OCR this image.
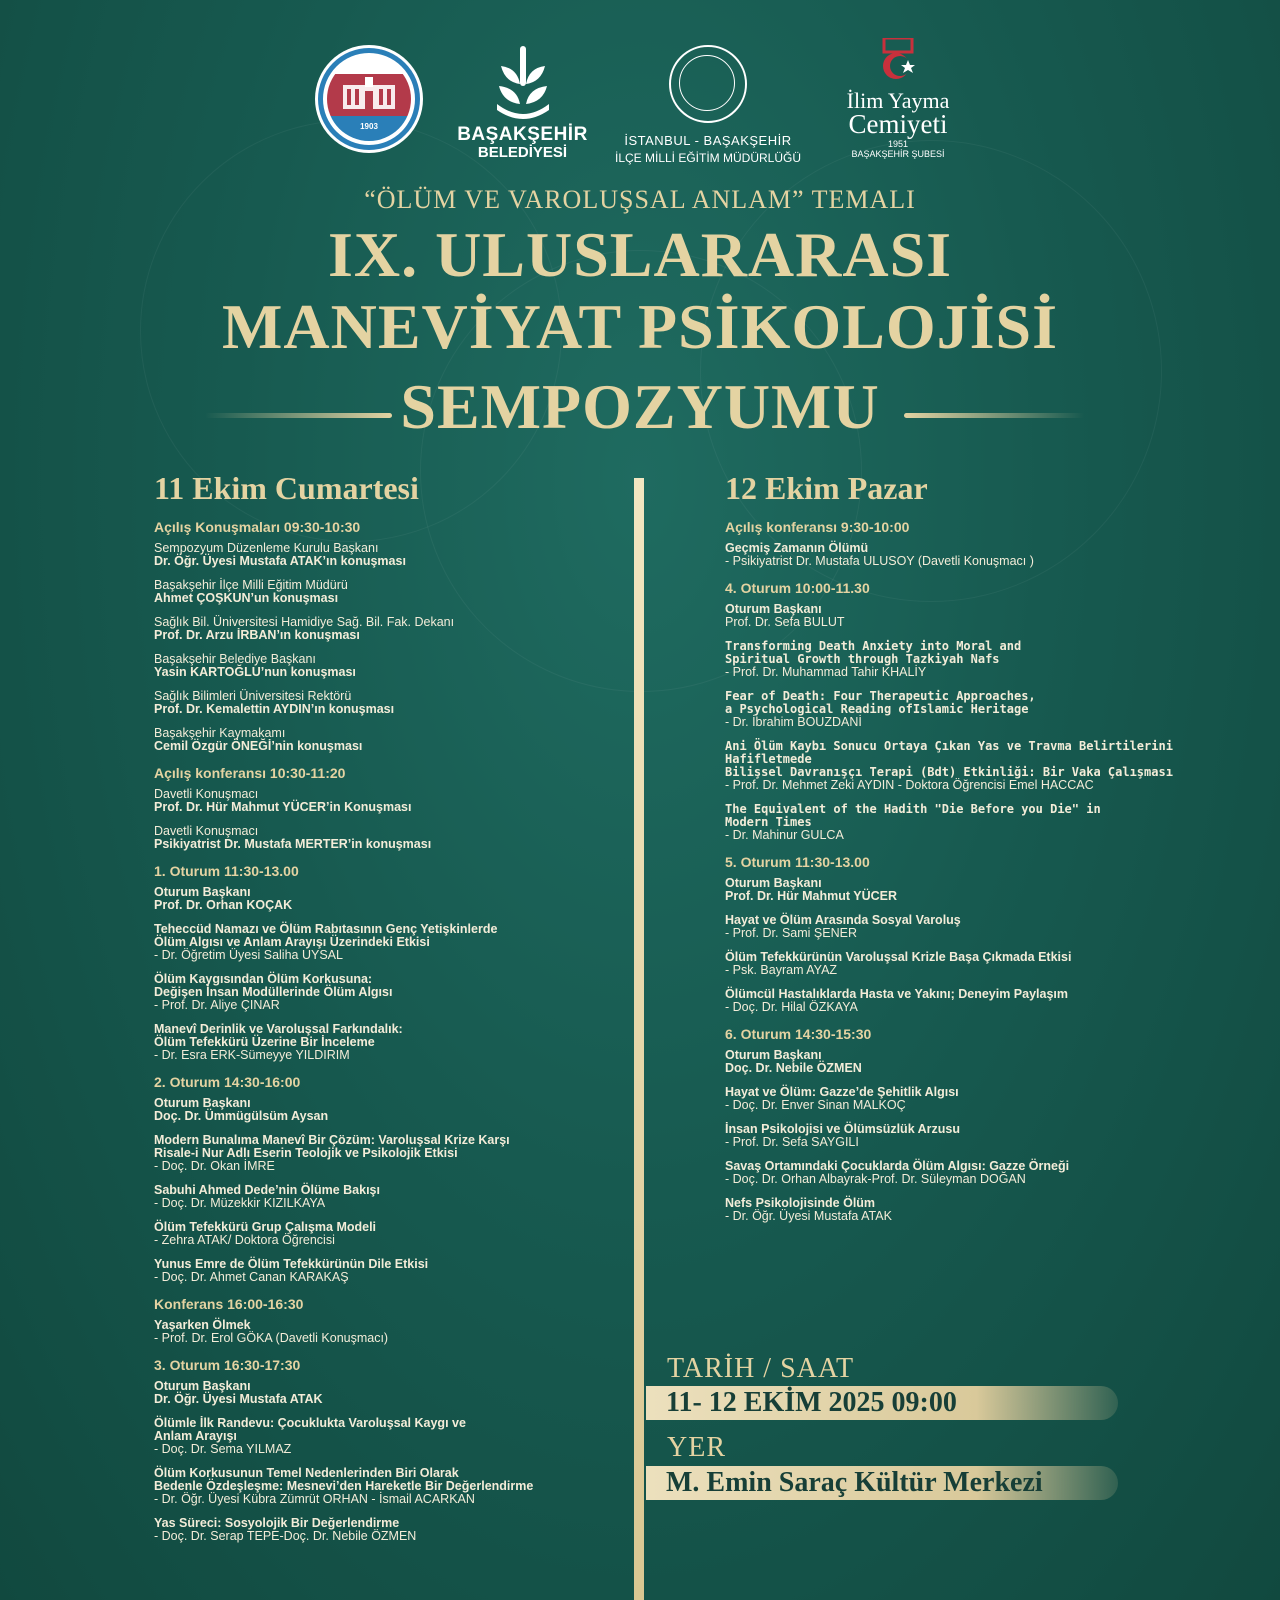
1903	BAŞAKŞEHİR
BELEDİYESİ
İSTANBUL - BAŞAKŞEHİR
İLÇE MİLLİ EĞİTİM MÜDÜRLÜĞÜ
İlim Yayma
Cemiyeti
1951
BAŞAKŞEHİR ŞUBESİ
“ÖLÜM VE VAROLUŞSAL ANLAM” TEMALI
IX. ULUSLARARASI
MANEVİYAT PSİKOLOJİSİ
SEMPOZYUMU
11 Ekim Cumartesi
Açılış Konuşmaları 09:30-10:30
Sempozyum Düzenleme Kurulu Başkanı
Dr. Öğr. Üyesi Mustafa ATAK’ın konuşması
Başakşehir İlçe Milli Eğitim Müdürü
Ahmet ÇOŞKUN’un konuşması
Sağlık Bil. Üniversitesi Hamidiye Sağ. Bil. Fak. Dekanı
Prof. Dr. Arzu İRBAN’ın konuşması
Başakşehir Belediye Başkanı
Yasin KARTOĞLU’nun konuşması
Sağlık Bilimleri Üniversitesi Rektörü
Prof. Dr. Kemalettin AYDIN’ın konuşması
Başakşehir Kaymakamı
Cemil Özgür ÖNEĞİ’nin konuşması
Açılış konferansı 10:30-11:20
Davetli Konuşmacı
Prof. Dr. Hür Mahmut YÜCER’in Konuşması
Davetli Konuşmacı
Psikiyatrist Dr. Mustafa MERTER’in konuşması
1. Oturum 11:30-13.00
Oturum Başkanı
Prof. Dr. Orhan KOÇAK
Teheccüd Namazı ve Ölüm Rabıtasının Genç Yetişkinlerde
Ölüm Algısı ve Anlam Arayışı Üzerindeki Etkisi
- Dr. Öğretim Üyesi Saliha UYSAL
Ölüm Kaygısından Ölüm Korkusuna:
Değişen İnsan Modüllerinde Ölüm Algısı
- Prof. Dr. Aliye ÇINAR
Manevî Derinlik ve Varoluşsal Farkındalık:
Ölüm Tefekkürü Üzerine Bir İnceleme
- Dr. Esra ERK-Sümeyye YILDIRIM
2. Oturum 14:30-16:00
Oturum Başkanı
Doç. Dr. Ümmügülsüm Aysan
Modern Bunalıma Manevî Bir Çözüm: Varoluşsal Krize Karşı
Risale-i Nur Adlı Eserin Teolojik ve Psikolojik Etkisi
- Doç. Dr. Okan İMRE
Sabuhi Ahmed Dede’nin Ölüme Bakışı
- Doç. Dr. Müzekkir KIZILKAYA
Ölüm Tefekkürü Grup Çalışma Modeli
- Zehra ATAK/ Doktora Öğrencisi
Yunus Emre de Ölüm Tefekkürünün Dile Etkisi
- Doç. Dr. Ahmet Canan KARAKAŞ
Konferans 16:00-16:30
Yaşarken Ölmek
- Prof. Dr. Erol GÖKA (Davetli Konuşmacı)
3. Oturum 16:30-17:30
Oturum Başkanı
Dr. Öğr. Üyesi Mustafa ATAK
Ölümle İlk Randevu: Çocuklukta Varoluşsal Kaygı ve
Anlam Arayışı
- Doç. Dr. Sema YILMAZ
Ölüm Korkusunun Temel Nedenlerinden Biri Olarak
Bedenle Özdeşleşme: Mesnevi’den Hareketle Bir Değerlendirme
- Dr. Öğr. Üyesi Kübra Zümrüt ORHAN - İsmail ACARKAN
Yas Süreci: Sosyolojik Bir Değerlendirme
- Doç. Dr. Serap TEPE-Doç. Dr. Nebile ÖZMEN
12 Ekim Pazar
Açılış konferansı 9:30-10:00
Geçmiş Zamanın Ölümü
- Psikiyatrist Dr. Mustafa ULUSOY (Davetli Konuşmacı )
4. Oturum 10:00-11.30
Oturum Başkanı
Prof. Dr. Sefa BULUT
Transforming Death Anxiety into Moral and
Spiritual Growth through Tazkiyah Nafs
- Prof. Dr. Muhammad Tahir KHALİY
Fear of Death: Four Therapeutic Approaches,
a Psychological Reading ofIslamic Heritage
- Dr. İbrahim BOUZDANİ
Ani Ölüm Kaybı Sonucu Ortaya Çıkan Yas ve Travma Belirtilerini Hafifletmede
Bilişsel Davranışçı Terapi (Bdt) Etkinliği: Bir Vaka Çalışması
- Prof. Dr. Mehmet Zeki AYDIN - Doktora Öğrencisi Emel HACCAC
The Equivalent of the Hadith "Die Before you Die" in
Modern Times
- Dr. Mahinur GULCA
5. Oturum 11:30-13.00
Oturum Başkanı
Prof. Dr. Hür Mahmut YÜCER
Hayat ve Ölüm Arasında Sosyal Varoluş
- Prof. Dr. Sami ŞENER
Ölüm Tefekkürünün Varoluşsal Krizle Başa Çıkmada Etkisi
- Psk. Bayram AYAZ
Ölümcül Hastalıklarda Hasta ve Yakını; Deneyim Paylaşım
- Doç. Dr. Hilal ÖZKAYA
6. Oturum 14:30-15:30
Oturum Başkanı
Doç. Dr. Nebile ÖZMEN
Hayat ve Ölüm: Gazze’de Şehitlik Algısı
- Doç. Dr. Enver Sinan MALKOÇ
İnsan Psikolojisi ve Ölümsüzlük Arzusu
- Prof. Dr. Sefa SAYGILI
Savaş Ortamındaki Çocuklarda Ölüm Algısı: Gazze Örneği
- Doç. Dr. Orhan Albayrak-Prof. Dr. Süleyman DOĞAN
Nefs Psikolojisinde Ölüm
- Dr. Öğr. Üyesi Mustafa ATAK
TARİH / SAAT
11- 12 EKİM 2025 09:00
YER
M. Emin Saraç Kültür Merkezi
